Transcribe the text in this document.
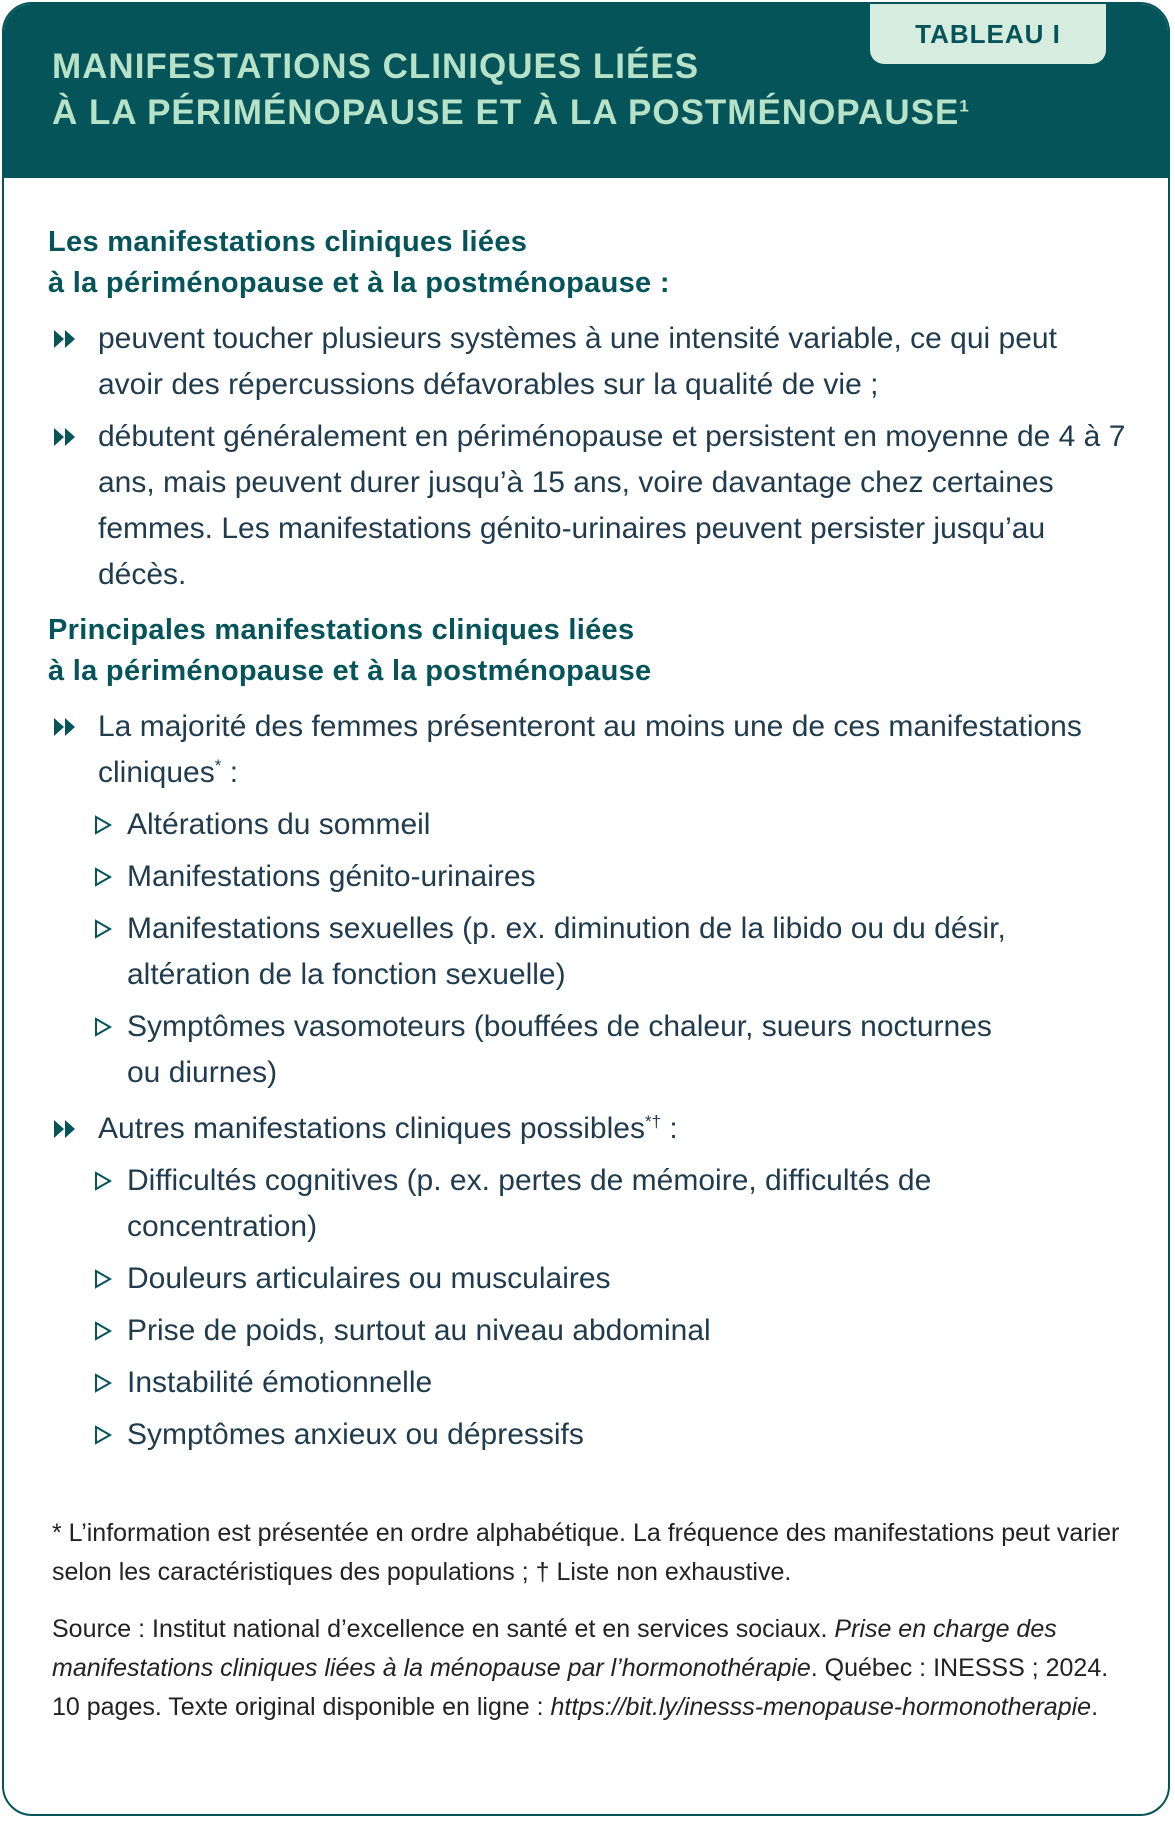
TABLEAU I
MANIFESTATIONS CLINIQUES LIÉES
À LA PÉRIMÉNOPAUSE ET À LA POSTMÉNOPAUSE$^1$
Les manifestations cliniques liées
à la périménopause et à la postménopause :
peuvent toucher plusieurs systèmes à une intensité variable, ce qui peut avoir des répercussions défavorables sur la qualité de vie ;
débutent généralement en périménopause et persistent en moyenne de 4 à 7 ans, mais peuvent durer jusqu’à 15 ans, voire davantage chez certaines femmes. Les manifestations génito-urinaires peuvent persister jusqu’au décès.
Principales manifestations cliniques liées
à la périménopause et à la postménopause
La majorité des femmes présenteront au moins une de ces manifestations cliniques* :
Altérations du sommeil
Manifestations génito-urinaires
Manifestations sexuelles (p. ex. diminution de la libido ou du désir, altération de la fonction sexuelle)
Symptômes vasomoteurs (bouffées de chaleur, sueurs nocturnes ou diurnes)
Autres manifestations cliniques possibles*† :
Difficultés cognitives (p. ex. pertes de mémoire, difficultés de concentration)
Douleurs articulaires ou musculaires
Prise de poids, surtout au niveau abdominal
Instabilité émotionnelle
Symptômes anxieux ou dépressifs

* L’information est présentée en ordre alphabétique. La fréquence des manifestations peut varier selon les caractéristiques des populations ; † Liste non exhaustive.

Source : Institut national d’excellence en santé et en services sociaux. Prise en charge des manifestations cliniques liées à la ménopause par l’hormonothérapie. Québec : INESSS ; 2024. 10 pages. Texte original disponible en ligne : https://bit.ly/inesss-menopause-hormonotherapie.
